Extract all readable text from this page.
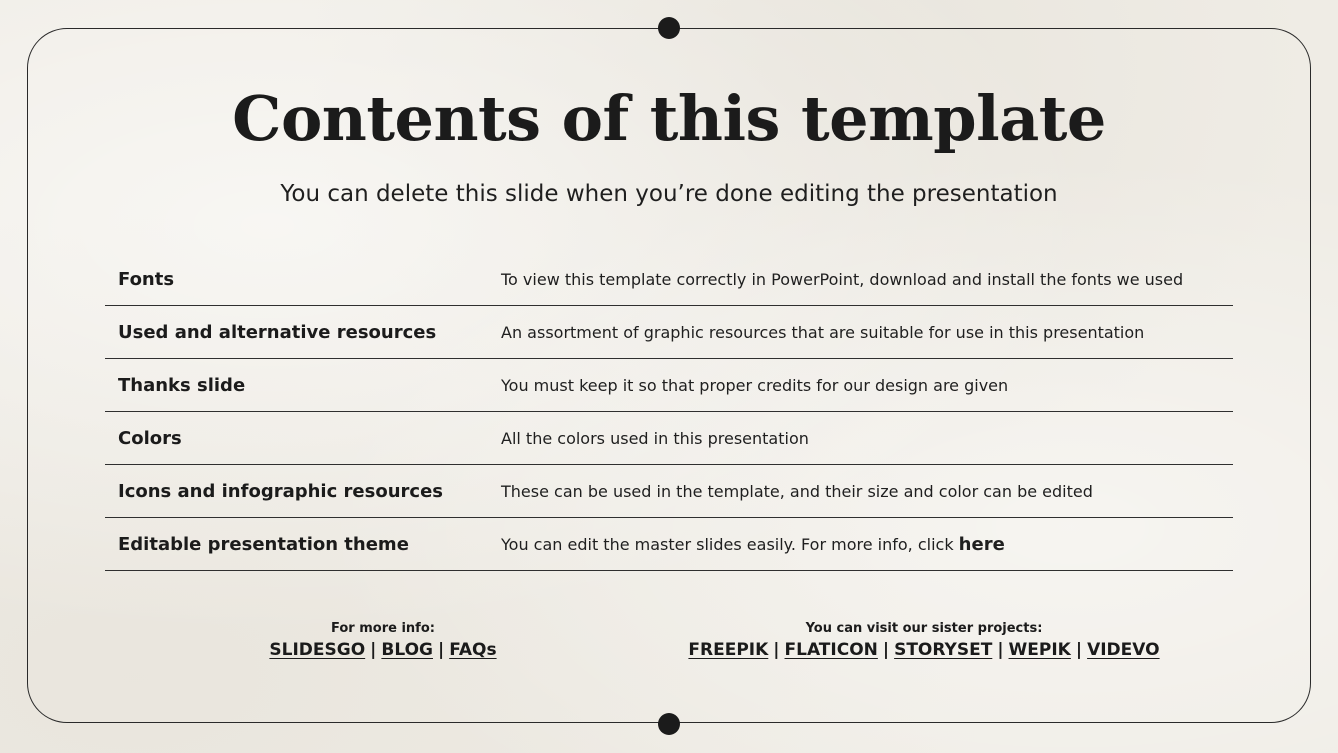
Contents of this template

You can delete this slide when you’re done editing the presentation

Fonts	To view this template correctly in PowerPoint, download and install the fonts we used
Used and alternative resources	An assortment of graphic resources that are suitable for use in this presentation
Thanks slide	You must keep it so that proper credits for our design are given
Colors	All the colors used in this presentation
Icons and infographic resources	These can be used in the template, and their size and color can be edited
Editable presentation theme	You can edit the master slides easily. For more info, click here
For more info:
SLIDESGO | BLOG | FAQs
You can visit our sister projects:
FREEPIK | FLATICON | STORYSET | WEPIK | VIDEVO
